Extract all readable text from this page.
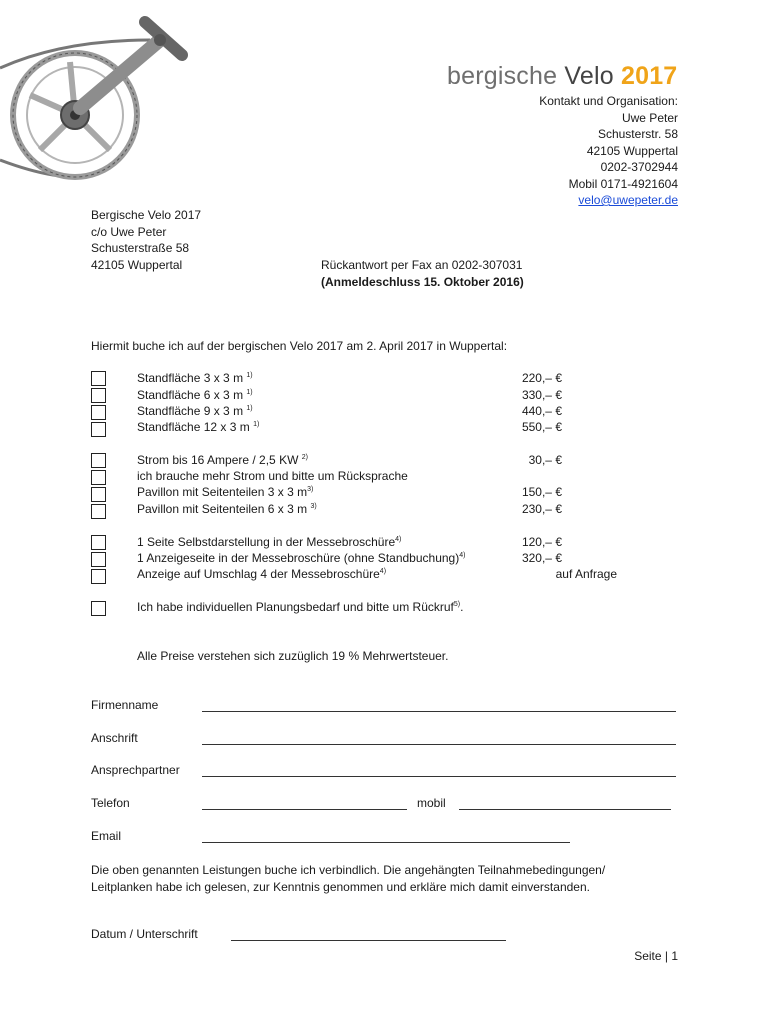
bergische Velo 2017
Kontakt und Organisation:
Uwe Peter
Schusterstr. 58
42105 Wuppertal
0202-3702944
Mobil 0171-4921604
velo@uwepeter.de
Bergische Velo 2017
c/o Uwe Peter
Schusterstraße 58
42105 Wuppertal	Rückantwort per Fax an 0202-307031
(Anmeldeschluss 15. Oktober 2016)
Hiermit buche ich auf der bergischen Velo 2017 am 2. April 2017 in Wuppertal:
Standfläche 3 x 3 m $^{1)}$	220,– €
Standfläche 6 x 3 m $^{1)}$	330,– €
Standfläche 9 x 3 m $^{1)}$	440,– €
Standfläche 12 x 3 m $^{1)}$	550,– €
Strom bis 16 Ampere / 2,5 KW $^{2)}$	30,– €
ich brauche mehr Strom und bitte um Rücksprache
Pavillon mit Seitenteilen 3 x 3 $m^{3)}$	150,– €
Pavillon mit Seitenteilen 6 x 3 m $^{3)}$	230,– €
1 Seite Selbstdarstellung in der Messebroschüre$^{4)}$	120,– €
1 Anzeigeseite in der Messebroschüre (ohne Standbuchung)$^{4)}$	320,– €
Anzeige auf Umschlag 4 der Messebroschüre$^{4)}$	auf Anfrage
Ich habe individuellen Planungsbedarf und bitte um Rückruf$^{5)}$.
Alle Preise verstehen sich zuzüglich 19 % Mehrwertsteuer.
Firmenname
Anschrift
Ansprechpartner
Telefon	mobil
Email
Die oben genannten Leistungen buche ich verbindlich. Die angehängten Teilnahmebedingungen/
Leitplanken habe ich gelesen, zur Kenntnis genommen und erkläre mich damit einverstanden.
Datum / Unterschrift
Seite | 1
